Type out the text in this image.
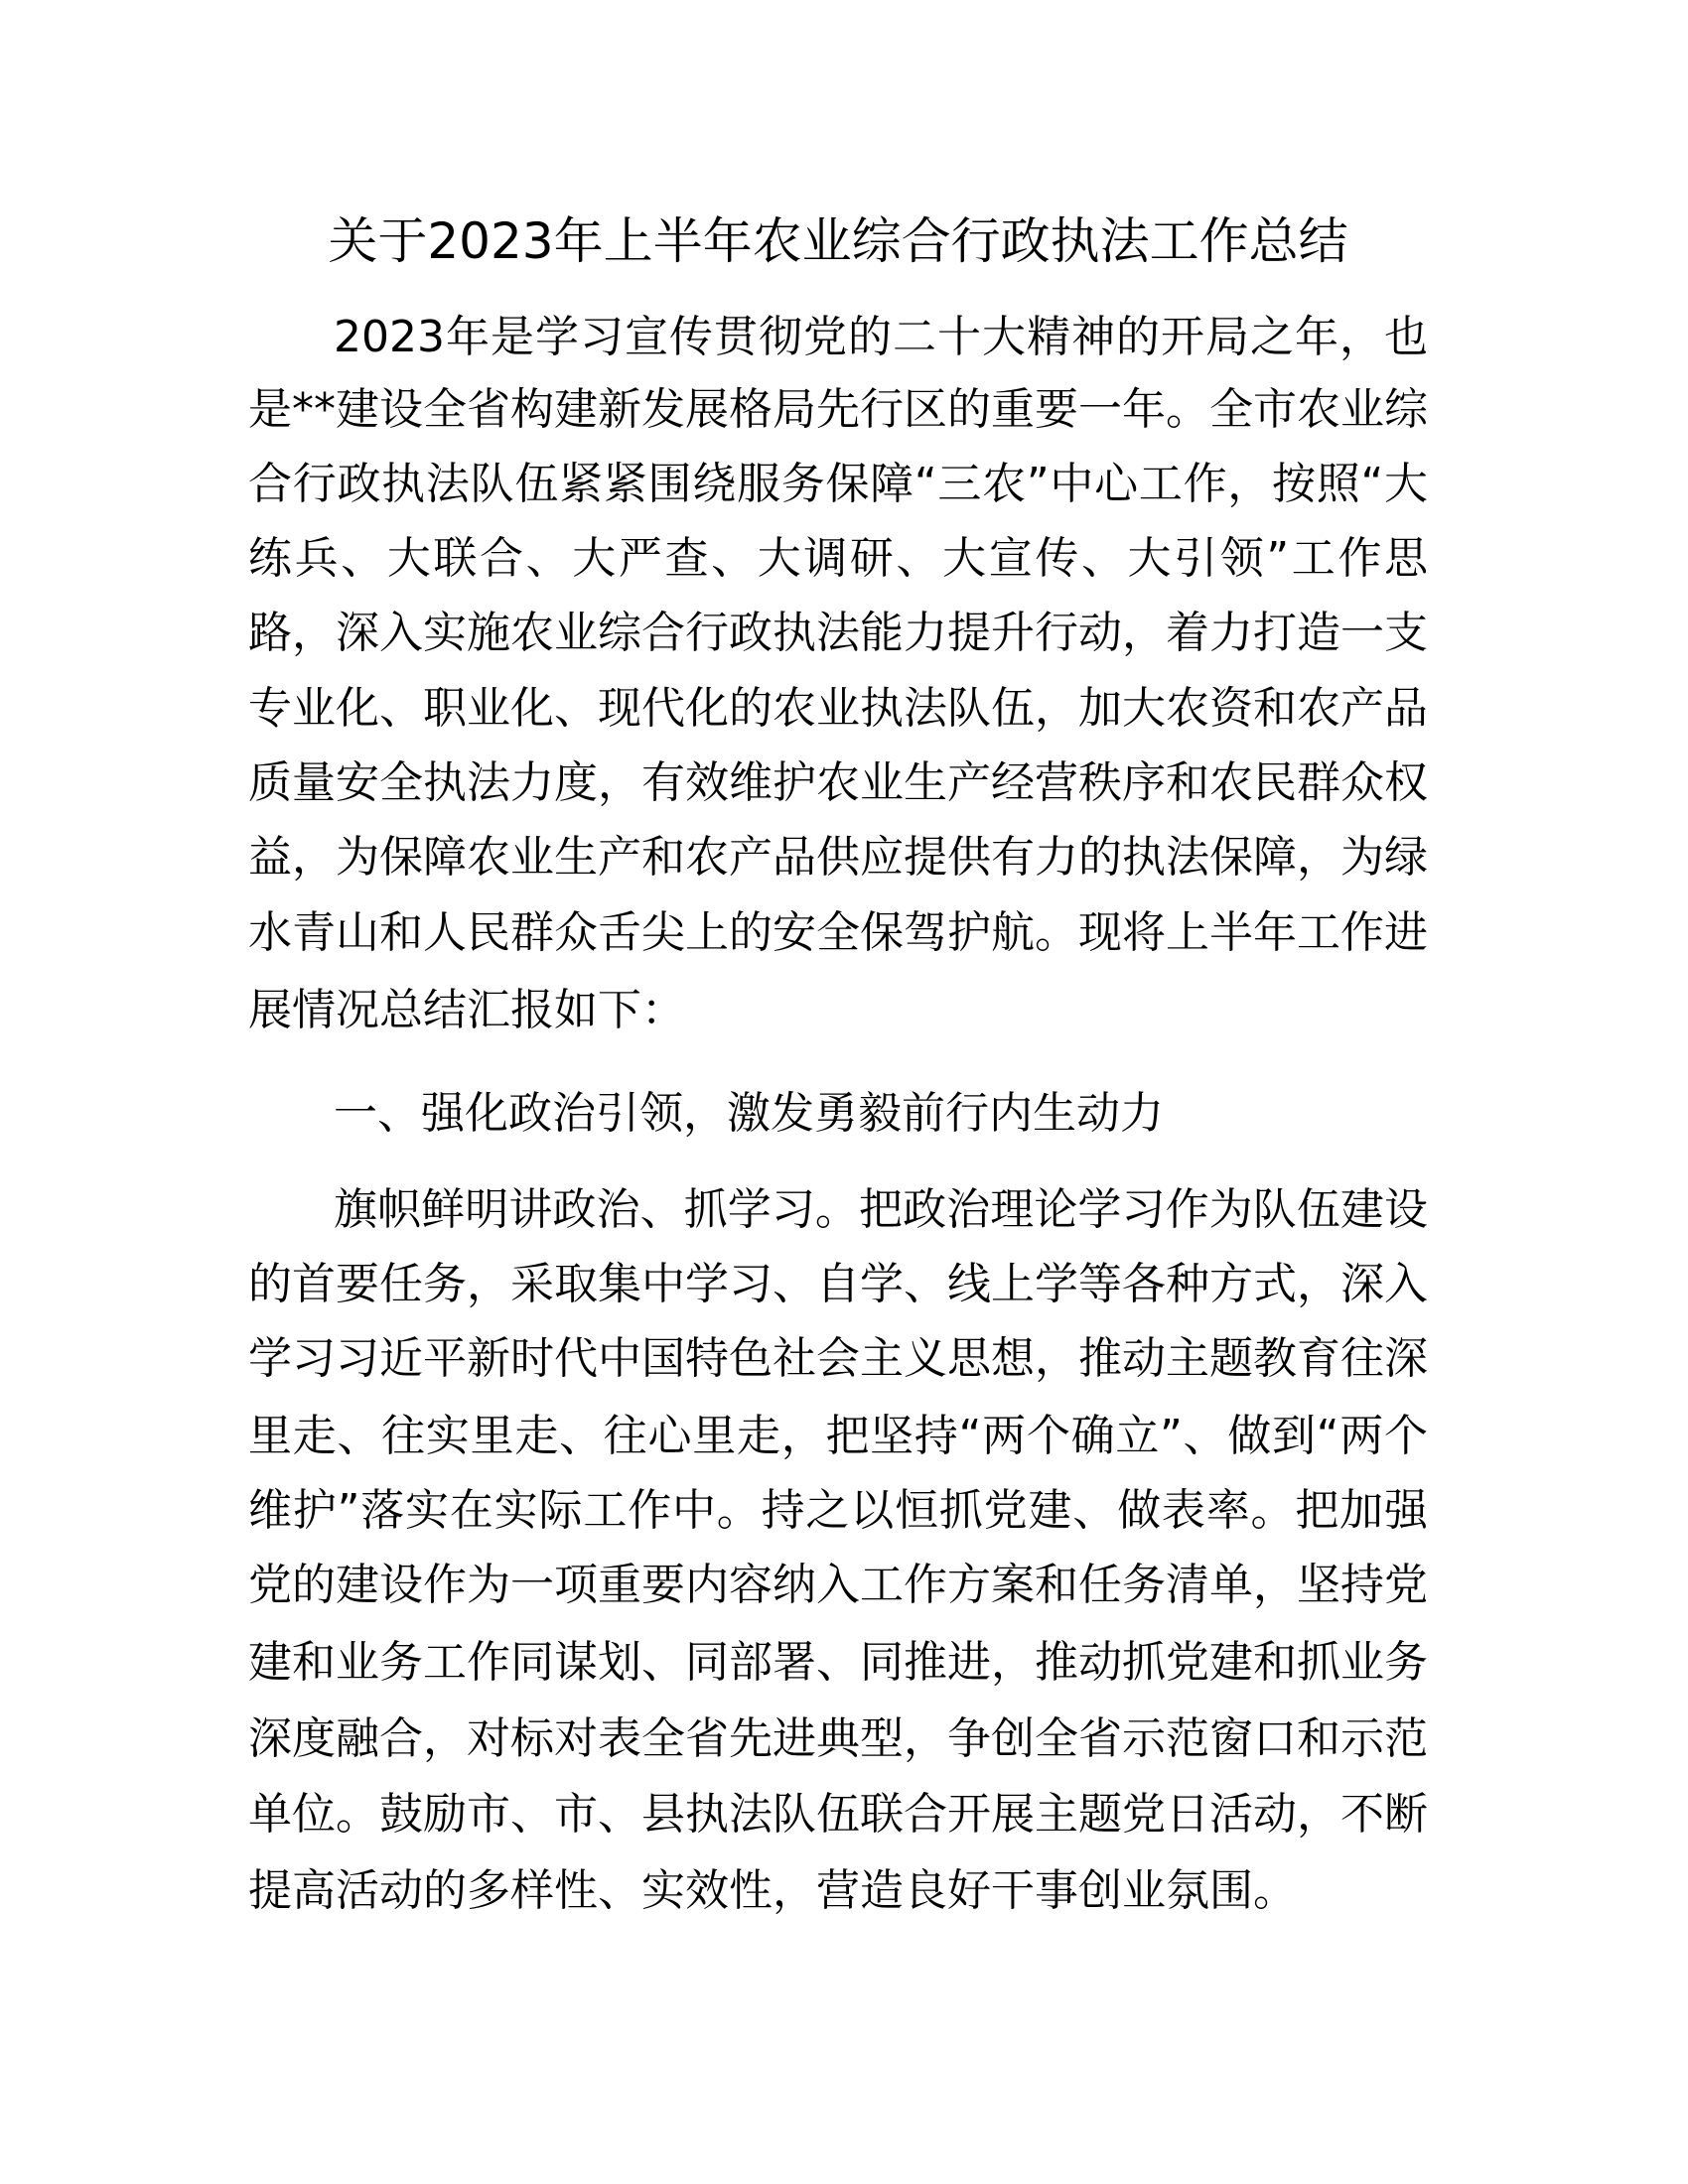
关于2023年上半年农业综合行政执法工作总结
2023年是学习宣传贯彻党的二十大精神的开局之年，也
是**建设全省构建新发展格局先行区的重要一年。全市农业综
合行政执法队伍紧紧围绕服务保障“三农”中心工作，按照“大
练兵、大联合、大严查、大调研、大宣传、大引领”工作思
路，深入实施农业综合行政执法能力提升行动，着力打造一支
专业化、职业化、现代化的农业执法队伍，加大农资和农产品
质量安全执法力度，有效维护农业生产经营秩序和农民群众权
益，为保障农业生产和农产品供应提供有力的执法保障，为绿
水青山和人民群众舌尖上的安全保驾护航。现将上半年工作进
展情况总结汇报如下：
一、强化政治引领，激发勇毅前行内生动力
旗帜鲜明讲政治、抓学习。把政治理论学习作为队伍建设
的首要任务，采取集中学习、自学、线上学等各种方式，深入
学习习近平新时代中国特色社会主义思想，推动主题教育往深
里走、往实里走、往心里走，把坚持“两个确立”、做到“两个
维护”落实在实际工作中。持之以恒抓党建、做表率。把加强
党的建设作为一项重要内容纳入工作方案和任务清单，坚持党
建和业务工作同谋划、同部署、同推进，推动抓党建和抓业务
深度融合，对标对表全省先进典型，争创全省示范窗口和示范
单位。鼓励市、市、县执法队伍联合开展主题党日活动，不断
提高活动的多样性、实效性，营造良好干事创业氛围。
